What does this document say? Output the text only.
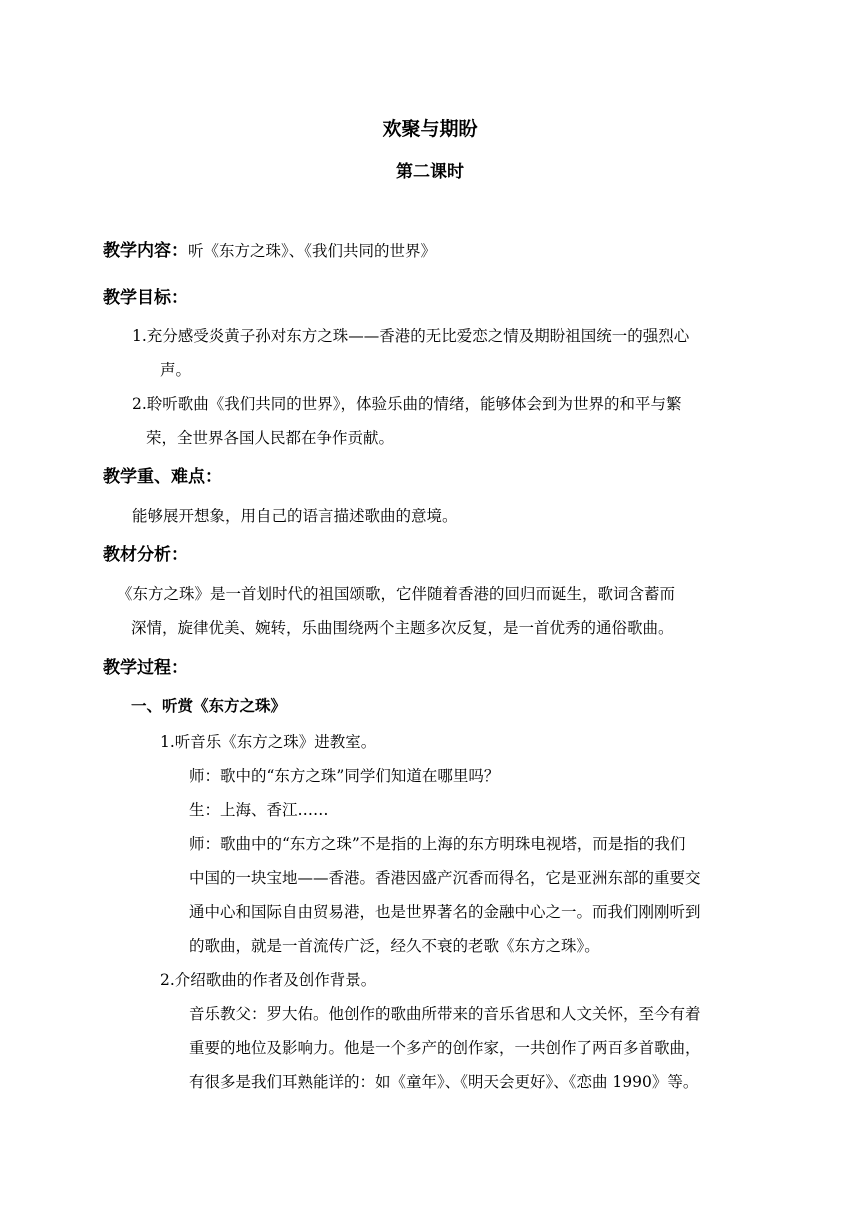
欢聚与期盼
第二课时
教学内容：听《东方之珠》、《我们共同的世界》
教学目标：
1.充分感受炎黄子孙对东方之珠——香港的无比爱恋之情及期盼祖国统一的强烈心
声。
2.聆听歌曲《我们共同的世界》，体验乐曲的情绪，能够体会到为世界的和平与繁
荣，全世界各国人民都在争作贡献。
教学重、难点：
能够展开想象，用自己的语言描述歌曲的意境。
教材分析：
《东方之珠》是一首划时代的祖国颂歌，它伴随着香港的回归而诞生，歌词含蓄而
深情，旋律优美、婉转，乐曲围绕两个主题多次反复，是一首优秀的通俗歌曲。
教学过程：
一、听赏《东方之珠》
1.听音乐《东方之珠》进教室。
师：歌中的“东方之珠”同学们知道在哪里吗？
生：上海、香江……
师：歌曲中的“东方之珠”不是指的上海的东方明珠电视塔，而是指的我们
中国的一块宝地——香港。香港因盛产沉香而得名，它是亚洲东部的重要交
通中心和国际自由贸易港，也是世界著名的金融中心之一。而我们刚刚听到
的歌曲，就是一首流传广泛，经久不衰的老歌《东方之珠》。
2.介绍歌曲的作者及创作背景。
音乐教父：罗大佑。他创作的歌曲所带来的音乐省思和人文关怀，至今有着
重要的地位及影响力。他是一个多产的创作家，一共创作了两百多首歌曲，
有很多是我们耳熟能详的：如《童年》、《明天会更好》、《恋曲 1990》等。
